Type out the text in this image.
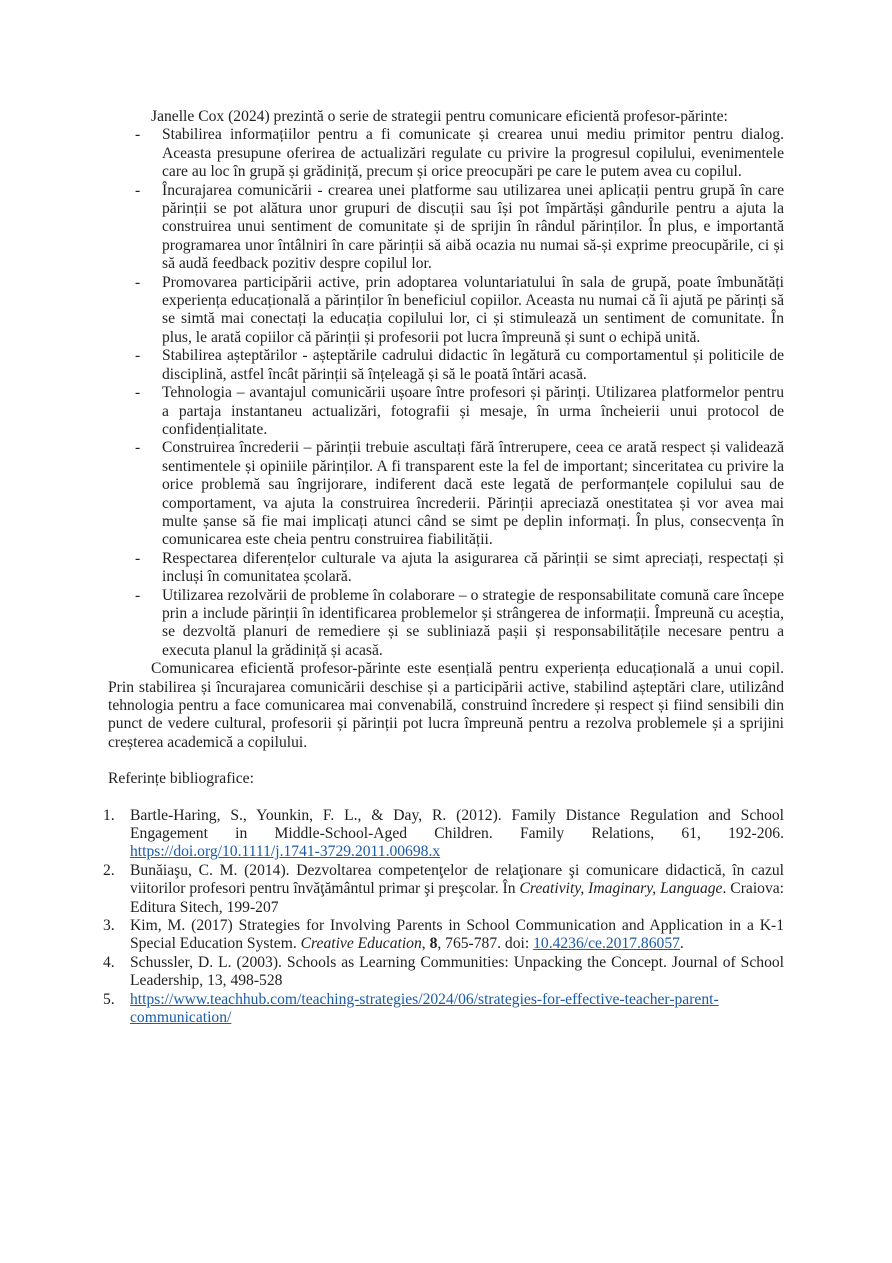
Janelle Cox (2024) prezintă o serie de strategii pentru comunicare eficientă profesor-părinte:

- Stabilirea informațiilor pentru a fi comunicate și crearea unui mediu primitor pentru dialog. Aceasta presupune oferirea de actualizări regulate cu privire la progresul copilului, evenimentele care au loc în grupă și grădiniță, precum și orice preocupări pe care le putem avea cu copilul.
- Încurajarea comunicării - crearea unei platforme sau utilizarea unei aplicații pentru grupă în care părinții se pot alătura unor grupuri de discuții sau își pot împărtăși gândurile pentru a ajuta la construirea unui sentiment de comunitate și de sprijin în rândul părinților. În plus, e importantă programarea unor întâlniri în care părinții să aibă ocazia nu numai să-și exprime preocupările, ci și să audă feedback pozitiv despre copilul lor.
- Promovarea participării active, prin adoptarea voluntariatului în sala de grupă, poate îmbunătăți experiența educațională a părinților în beneficiul copiilor. Aceasta nu numai că îi ajută pe părinți să se simtă mai conectați la educația copilului lor, ci și stimulează un sentiment de comunitate. În plus, le arată copiilor că părinții și profesorii pot lucra împreună și sunt o echipă unită.
- Stabilirea așteptărilor - așteptările cadrului didactic în legătură cu comportamentul și politicile de disciplină, astfel încât părinții să înțeleagă și să le poată întări acasă.
- Tehnologia – avantajul comunicării ușoare între profesori și părinți. Utilizarea platformelor pentru a partaja instantaneu actualizări, fotografii și mesaje, în urma încheierii unui protocol de confidențialitate.
- Construirea încrederii – părinții trebuie ascultați fără întrerupere, ceea ce arată respect și validează sentimentele și opiniile părinților. A fi transparent este la fel de important; sinceritatea cu privire la orice problemă sau îngrijorare, indiferent dacă este legată de performanțele copilului sau de comportament, va ajuta la construirea încrederii. Părinții apreciază onestitatea și vor avea mai multe șanse să fie mai implicați atunci când se simt pe deplin informați. În plus, consecvența în comunicarea este cheia pentru construirea fiabilității.
- Respectarea diferențelor culturale va ajuta la asigurarea că părinții se simt apreciați, respectați și incluși în comunitatea școlară.
- Utilizarea rezolvării de probleme în colaborare – o strategie de responsabilitate comună care începe prin a include părinții în identificarea problemelor și strângerea de informații. Împreună cu aceștia, se dezvoltă planuri de remediere și se subliniază pașii și responsabilitățile necesare pentru a executa planul la grădiniță și acasă.

Comunicarea eficientă profesor-părinte este esențială pentru experiența educațională a unui copil. Prin stabilirea și încurajarea comunicării deschise și a participării active, stabilind așteptări clare, utilizând tehnologia pentru a face comunicarea mai convenabilă, construind încredere și respect și fiind sensibili din punct de vedere cultural, profesorii și părinții pot lucra împreună pentru a rezolva problemele și a sprijini creșterea academică a copilului.

Referințe bibliografice:

1. Bartle-Haring, S., Younkin, F. L., & Day, R. (2012). Family Distance Regulation and School Engagement in Middle-School-Aged Children. Family Relations, 61, 192-206. https://doi.org/10.1111/j.1741-3729.2011.00698.x
2. Bunăiaşu, C. M. (2014). Dezvoltarea competenţelor de relaţionare şi comunicare didactică, în cazul viitorilor profesori pentru învăţământul primar şi preşcolar. În Creativity, Imaginary, Language. Craiova: Editura Sitech, 199-207
3. Kim, M. (2017) Strategies for Involving Parents in School Communication and Application in a K-1 Special Education System. Creative Education, 8, 765-787. doi: 10.4236/ce.2017.86057.
4. Schussler, D. L. (2003). Schools as Learning Communities: Unpacking the Concept. Journal of School Leadership, 13, 498-528
5. https://www.teachhub.com/teaching-strategies/2024/06/strategies-for-effective-teacher-parent-communication/
